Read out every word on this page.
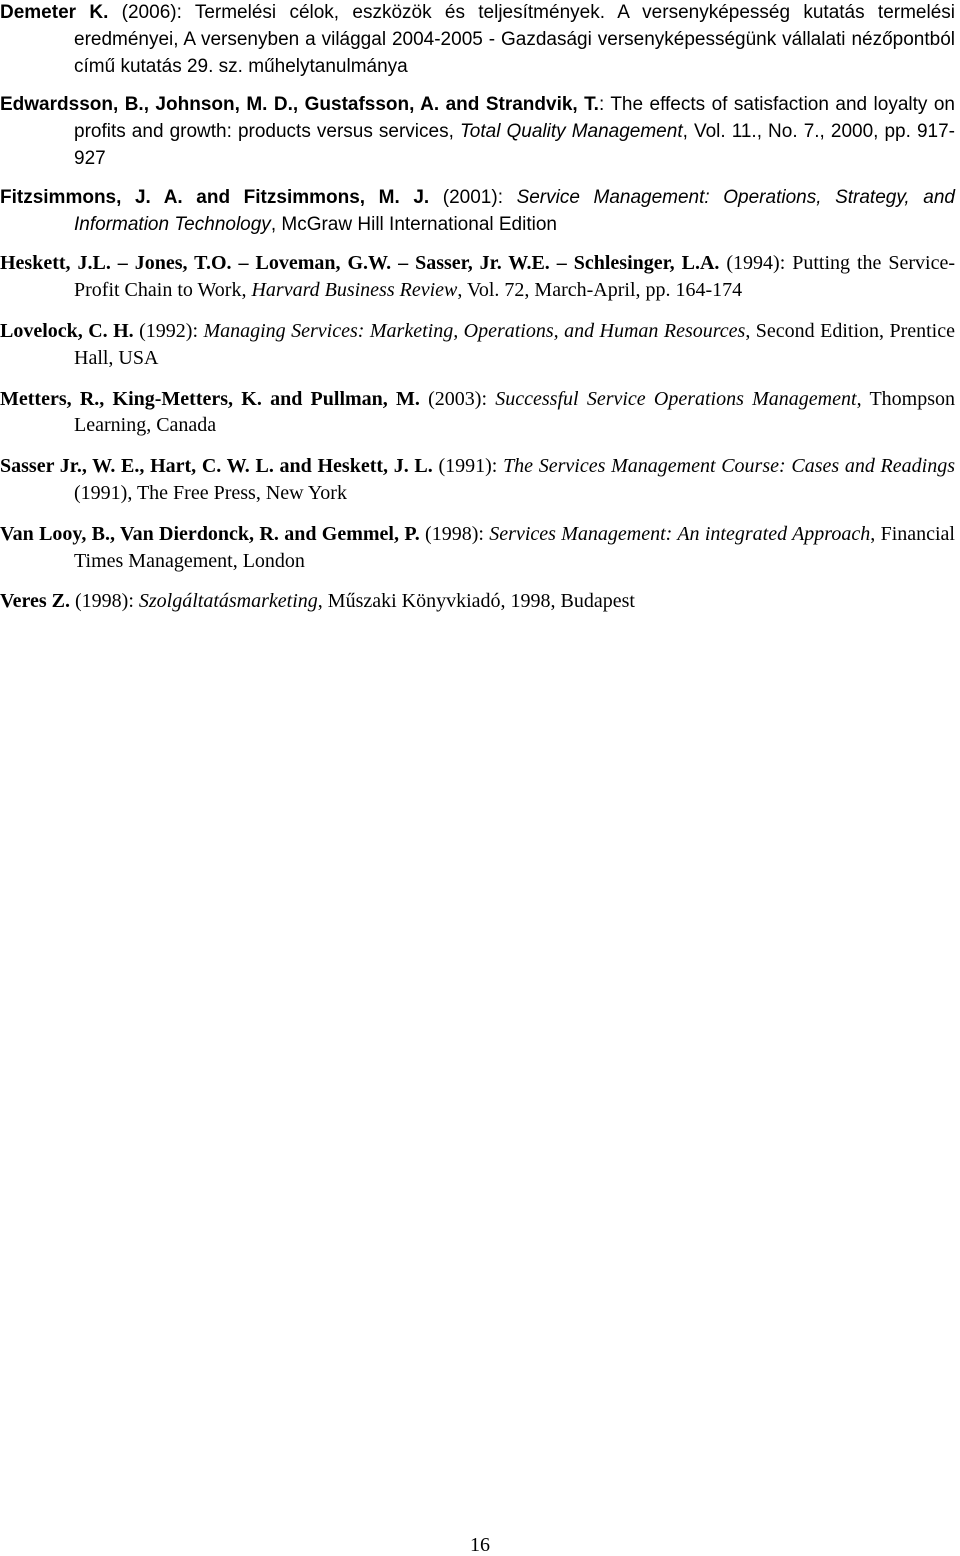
Demeter K. (2006): Termelési célok, eszközök és teljesítmények. A versenyképesség kutatás termelési eredményei, A versenyben a világgal 2004-2005 - Gazdasági versenyképességünk vállalati nézőpontból című kutatás 29. sz. műhelytanulmánya

Edwardsson, B., Johnson, M. D., Gustafsson, A. and Strandvik, T.: The effects of satisfaction and loyalty on profits and growth: products versus services, Total Quality Management, Vol. 11., No. 7., 2000, pp. 917-927

Fitzsimmons, J. A. and Fitzsimmons, M. J. (2001): Service Management: Operations, Strategy, and Information Technology, McGraw Hill International Edition

Heskett, J.L. – Jones, T.O. – Loveman, G.W. – Sasser, Jr. W.E. – Schlesinger, L.A. (1994): Putting the Service-Profit Chain to Work, Harvard Business Review, Vol. 72, March-April, pp. 164-174

Lovelock, C. H. (1992): Managing Services: Marketing, Operations, and Human Resources, Second Edition, Prentice Hall, USA

Metters, R., King-Metters, K. and Pullman, M. (2003): Successful Service Operations Management, Thompson Learning, Canada

Sasser Jr., W. E., Hart, C. W. L. and Heskett, J. L. (1991): The Services Management Course: Cases and Readings (1991), The Free Press, New York

Van Looy, B., Van Dierdonck, R. and Gemmel, P. (1998): Services Management: An integrated Approach, Financial Times Management, London

Veres Z. (1998): Szolgáltatásmarketing, Műszaki Könyvkiadó, 1998, Budapest

16
